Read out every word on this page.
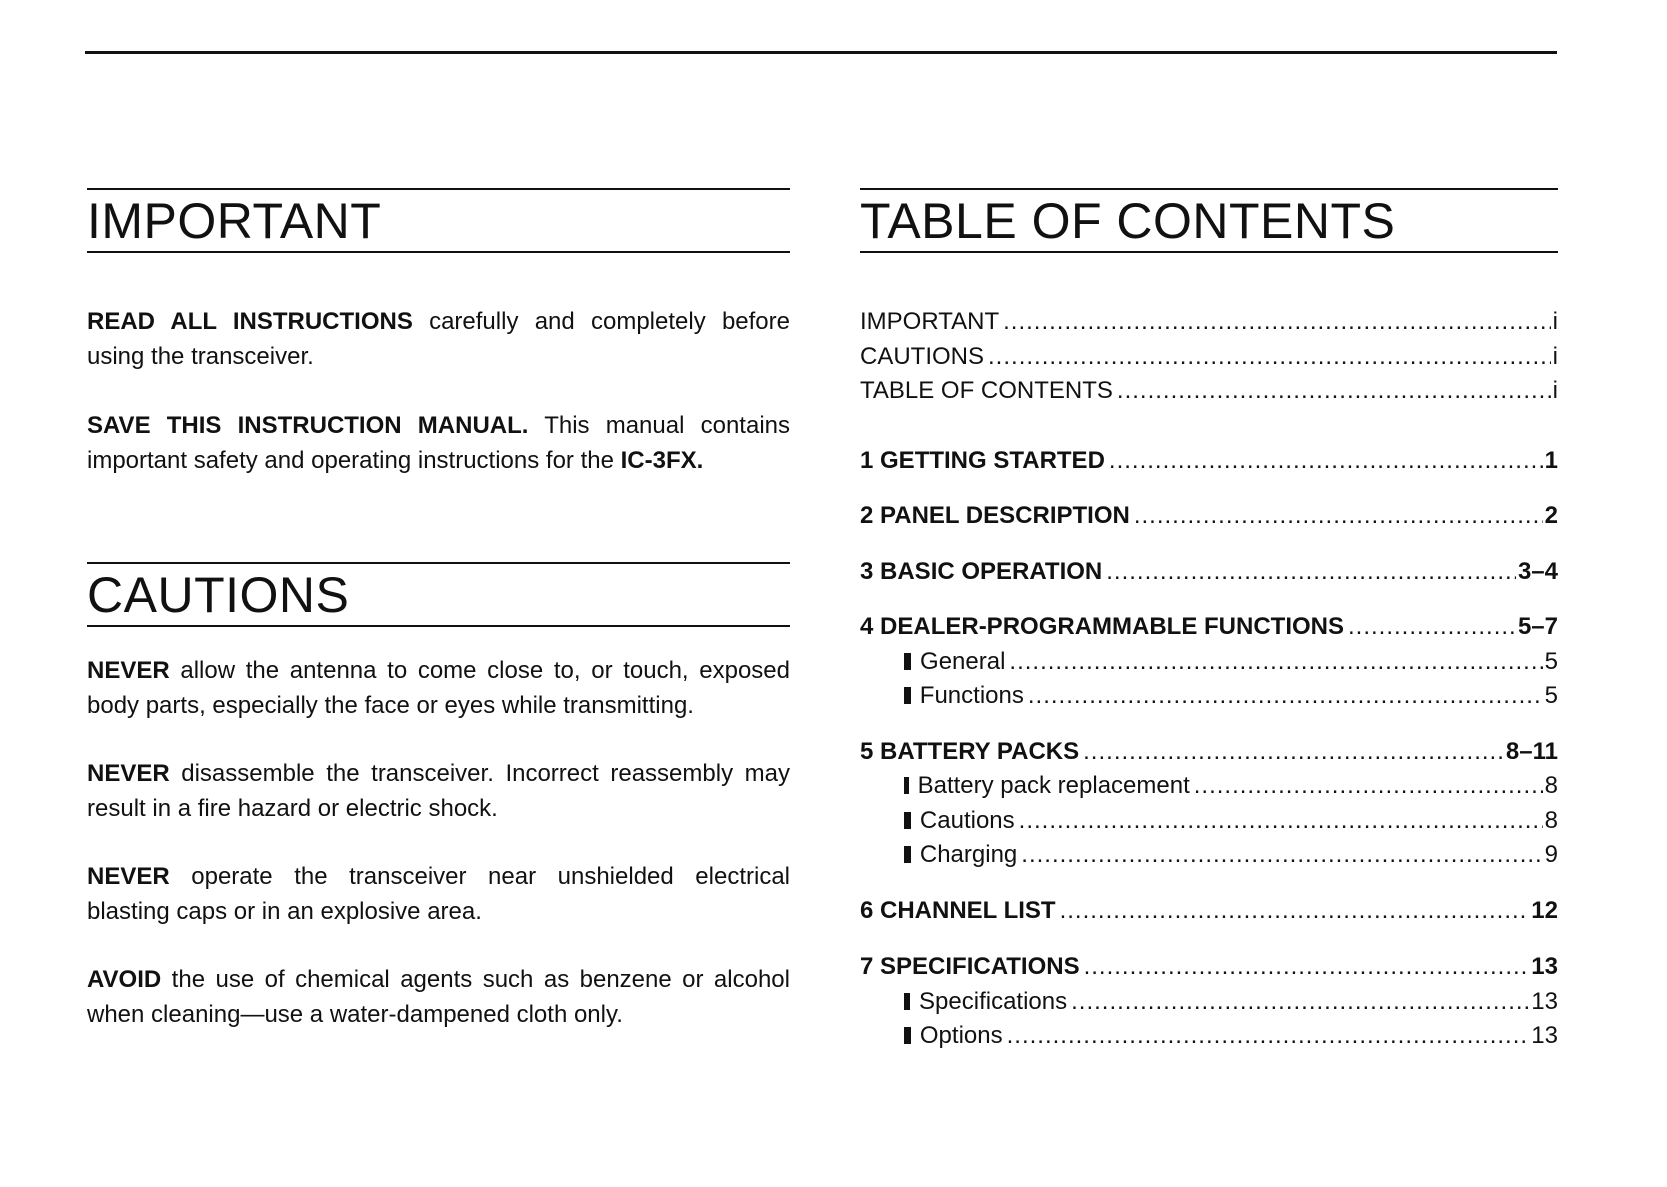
IMPORTANT

READ ALL INSTRUCTIONS carefully and completely before using the transceiver.

SAVE THIS INSTRUCTION MANUAL. This manual contains important safety and operating instructions for the IC-3FX.

CAUTIONS

NEVER allow the antenna to come close to, or touch, exposed body parts, especially the face or eyes while transmitting.

NEVER disassemble the transceiver. Incorrect reassembly may result in a fire hazard or electric shock.

NEVER operate the transceiver near unshielded electrical blasting caps or in an explosive area.

AVOID the use of chemical agents such as benzene or alcohol when cleaning—use a water-dampened cloth only.

TABLE OF CONTENTS
IMPORTANT .....	i
CAUTIONS .....	i
TABLE OF CONTENTS .....	i
1 GETTING STARTED .....	1
2 PANEL DESCRIPTION .....	2
3 BASIC OPERATION .....	3–4
4 DEALER-PROGRAMMABLE FUNCTIONS .....	5–7
General .....	5
Functions .....	5
5 BATTERY PACKS .....	8–11
Battery pack replacement .....	8
Cautions .....	8
Charging .....	9
6 CHANNEL LIST .....	12
7 SPECIFICATIONS .....	13
Specifications .....	13
Options .....	13
